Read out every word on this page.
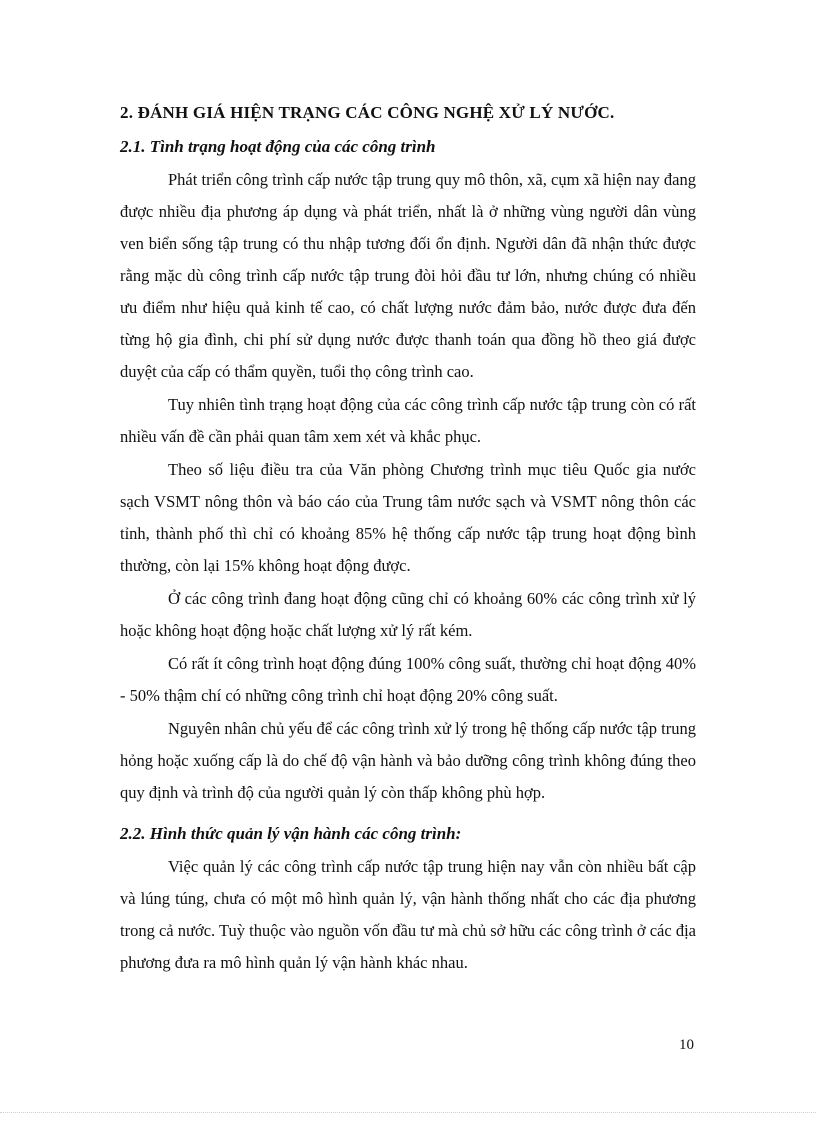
2. ĐÁNH GIÁ HIỆN TRẠNG CÁC CÔNG NGHỆ XỬ LÝ NƯỚC.
2.1. Tình trạng hoạt động của các công trình

Phát triển công trình cấp nước tập trung quy mô thôn, xã, cụm xã hiện nay đang được nhiều địa phương áp dụng và phát triển, nhất là ở những vùng người dân vùng ven biển sống tập trung có thu nhập tương đối ổn định. Người dân đã nhận thức được rằng mặc dù công trình cấp nước tập trung đòi hỏi đầu tư lớn, nhưng chúng có nhiều ưu điểm như hiệu quả kinh tế cao, có chất lượng nước đảm bảo, nước được đưa đến từng hộ gia đình, chi phí sử dụng nước được thanh toán qua đồng hồ theo giá được duyệt của cấp có thẩm quyền, tuổi thọ công trình cao.

Tuy nhiên tình trạng hoạt động của các công trình cấp nước tập trung còn có rất nhiều vấn đề cần phải quan tâm xem xét và khắc phục.

Theo số liệu điều tra của Văn phòng Chương trình mục tiêu Quốc gia nước sạch VSMT nông thôn và báo cáo của Trung tâm nước sạch và VSMT nông thôn các tỉnh, thành phố thì chỉ có khoảng 85% hệ thống cấp nước tập trung hoạt động bình thường, còn lại 15% không hoạt động được.

Ở các công trình đang hoạt động cũng chỉ có khoảng 60% các công trình xử lý hoặc không hoạt động hoặc chất lượng xử lý rất kém.

Có rất ít công trình hoạt động đúng 100% công suất, thường chỉ hoạt động 40% - 50% thậm chí có những công trình chỉ hoạt động 20% công suất.

Nguyên nhân chủ yếu để các công trình xử lý trong hệ thống cấp nước tập trung hỏng hoặc xuống cấp là do chế độ vận hành và bảo dưỡng công trình không đúng theo quy định và trình độ của người quản lý còn thấp không phù hợp.

2.2. Hình thức quản lý vận hành các công trình:

Việc quản lý các công trình cấp nước tập trung hiện nay vẫn còn nhiều bất cập và lúng túng, chưa có một mô hình quản lý, vận hành thống nhất cho các địa phương trong cả nước. Tuỳ thuộc vào nguồn vốn đầu tư mà chủ sở hữu các công trình ở các địa phương đưa ra mô hình quản lý vận hành khác nhau.

10
